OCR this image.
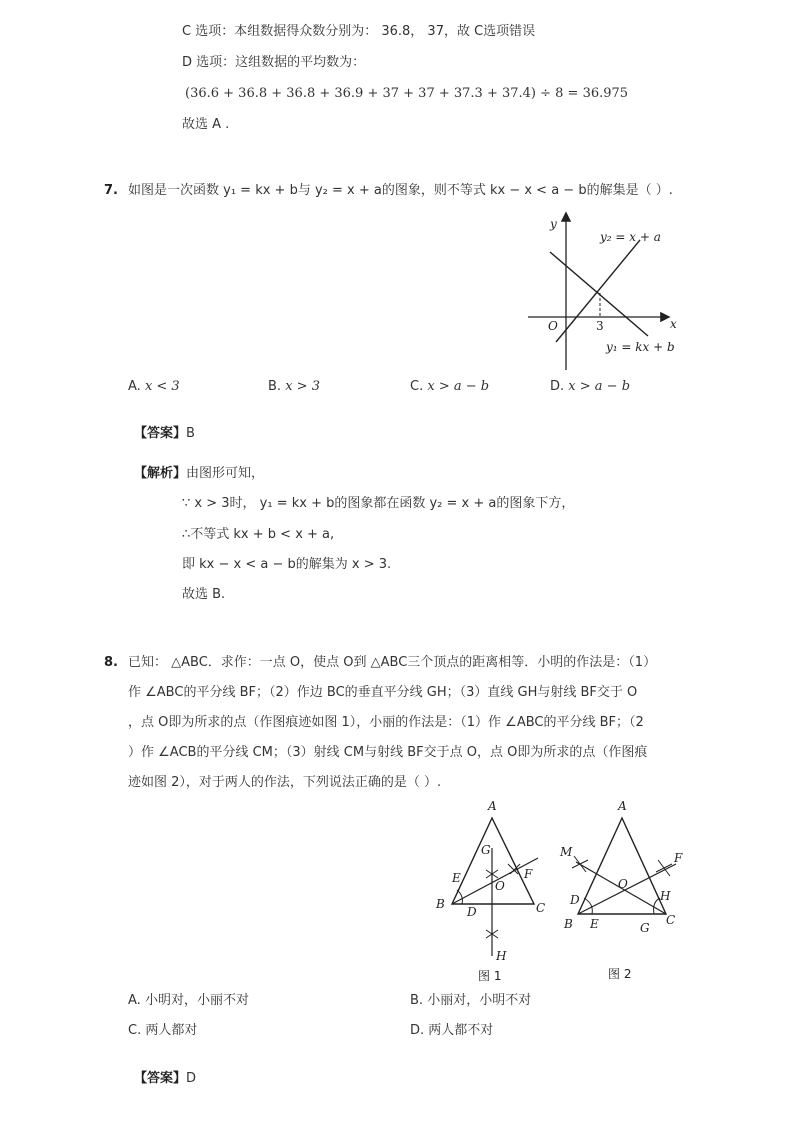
C 选项：本组数据得众数分别为： 36.8， 37，故 C选项错误
D 选项：这组数据的平均数为：
(36.6 + 36.8 + 36.8 + 36.9 + 37 + 37 + 37.3 + 37.4) ÷ 8 = 36.975
故选 A .
7. 如图是一次函数 y₁ = kx + b与 y₂ = x + a的图象，则不等式 kx − x < a − b的解集是（ ）.
y
x
O	3
y₂ = x + a
y₁ = kx + b
A. x < 3	B. x > 3	C. x > a − b	D. x > a − b
【答案】B
【解析】由图形可知，
∵ x > 3时， y₁ = kx + b的图象都在函数 y₂ = x + a的图象下方，
∴不等式 kx + b < x + a,
即 kx − x < a − b的解集为 x > 3.
故选 B.
8. 已知： △ABC．求作：一点 O，使点 O到 △ABC三个顶点的距离相等．小明的作法是：（1）
作 ∠ABC的平分线 BF；（2）作边 BC的垂直平分线 GH；（3）直线 GH与射线 BF交于 O
，点 O即为所求的点（作图痕迹如图 1），小丽的作法是：（1）作 ∠ABC的平分线 BF；（2
）作 ∠ACB的平分线 CM；（3）射线 CM与射线 BF交于点 O，点 O即为所求的点（作图痕
迹如图 2），对于两人的作法，下列说法正确的是（ ）.
A
B	C
D
E	F
G
H
O
图 1
A
B	C
D
E
F
G
H
M
O
图 2
A. 小明对，小丽不对	B. 小丽对，小明不对
C. 两人都对	D. 两人都不对
【答案】D
